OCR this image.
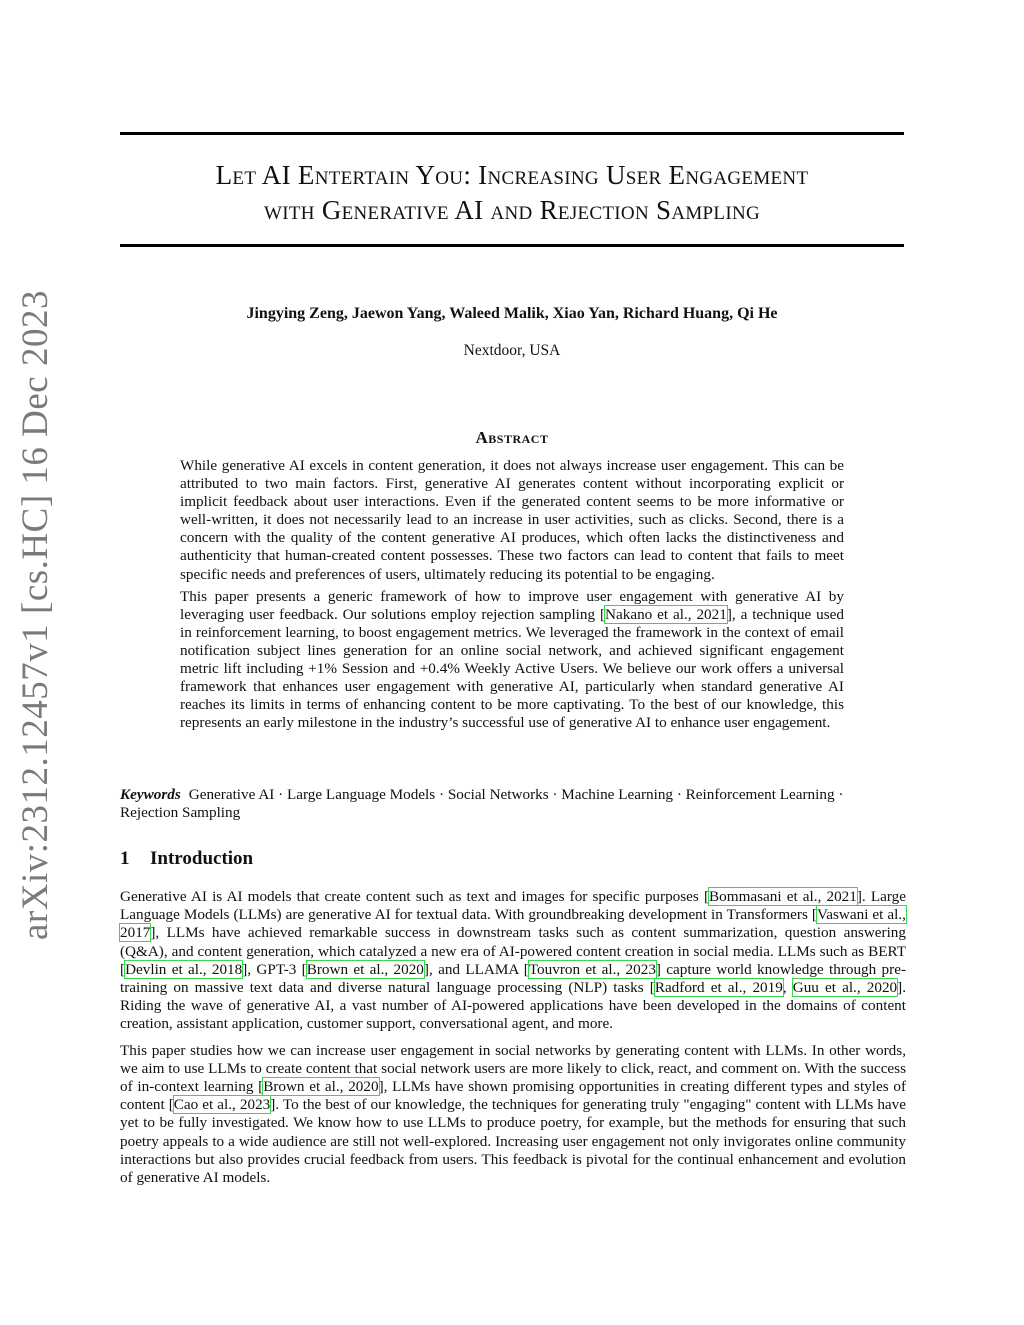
arXiv:2312.12457v1 [cs.HC] 16 Dec 2023
Let AI Entertain You: Increasing User Engagement
with Generative AI and Rejection Sampling
Jingying Zeng, Jaewon Yang, Waleed Malik, Xiao Yan, Richard Huang, Qi He
Nextdoor, USA
Abstract

While generative AI excels in content generation, it does not always increase user engagement. This can be attributed to two main factors. First, generative AI generates content without incorporating explicit or implicit feedback about user interactions. Even if the generated content seems to be more informative or well-written, it does not necessarily lead to an increase in user activities, such as clicks. Second, there is a concern with the quality of the content generative AI produces, which often lacks the distinctiveness and authenticity that human-created content possesses. These two factors can lead to content that fails to meet specific needs and preferences of users, ultimately reducing its potential to be engaging.

This paper presents a generic framework of how to improve user engagement with generative AI by leveraging user feedback. Our solutions employ rejection sampling [Nakano et al., 2021], a technique used in reinforcement learning, to boost engagement metrics. We leveraged the framework in the context of email notification subject lines generation for an online social network, and achieved significant engagement metric lift including +1% Session and +0.4% Weekly Active Users. We believe our work offers a universal framework that enhances user engagement with generative AI, particularly when standard generative AI reaches its limits in terms of enhancing content to be more captivating. To the best of our knowledge, this represents an early milestone in the industry’s successful use of generative AI to enhance user engagement.

Keywords Generative AI · Large Language Models · Social Networks · Machine Learning · Reinforcement Learning · Rejection Sampling
1 Introduction

Generative AI is AI models that create content such as text and images for specific purposes [Bommasani et al., 2021]. Large Language Models (LLMs) are generative AI for textual data. With groundbreaking development in Transformers [Vaswani et al., 2017], LLMs have achieved remarkable success in downstream tasks such as content summarization, question answering (Q&A), and content generation, which catalyzed a new era of AI-powered content creation in social media. LLMs such as BERT [Devlin et al., 2018], GPT-3 [Brown et al., 2020], and LLAMA [Touvron et al., 2023] capture world knowledge through pre-training on massive text data and diverse natural language processing (NLP) tasks [Radford et al., 2019, Guu et al., 2020]. Riding the wave of generative AI, a vast number of AI-powered applications have been developed in the domains of content creation, assistant application, customer support, conversational agent, and more.

This paper studies how we can increase user engagement in social networks by generating content with LLMs. In other words, we aim to use LLMs to create content that social network users are more likely to click, react, and comment on. With the success of in-context learning [Brown et al., 2020], LLMs have shown promising opportunities in creating different types and styles of content [Cao et al., 2023]. To the best of our knowledge, the techniques for generating truly "engaging" content with LLMs have yet to be fully investigated. We know how to use LLMs to produce poetry, for example, but the methods for ensuring that such poetry appeals to a wide audience are still not well-explored. Increasing user engagement not only invigorates online community interactions but also provides crucial feedback from users. This feedback is pivotal for the continual enhancement and evolution of generative AI models.
